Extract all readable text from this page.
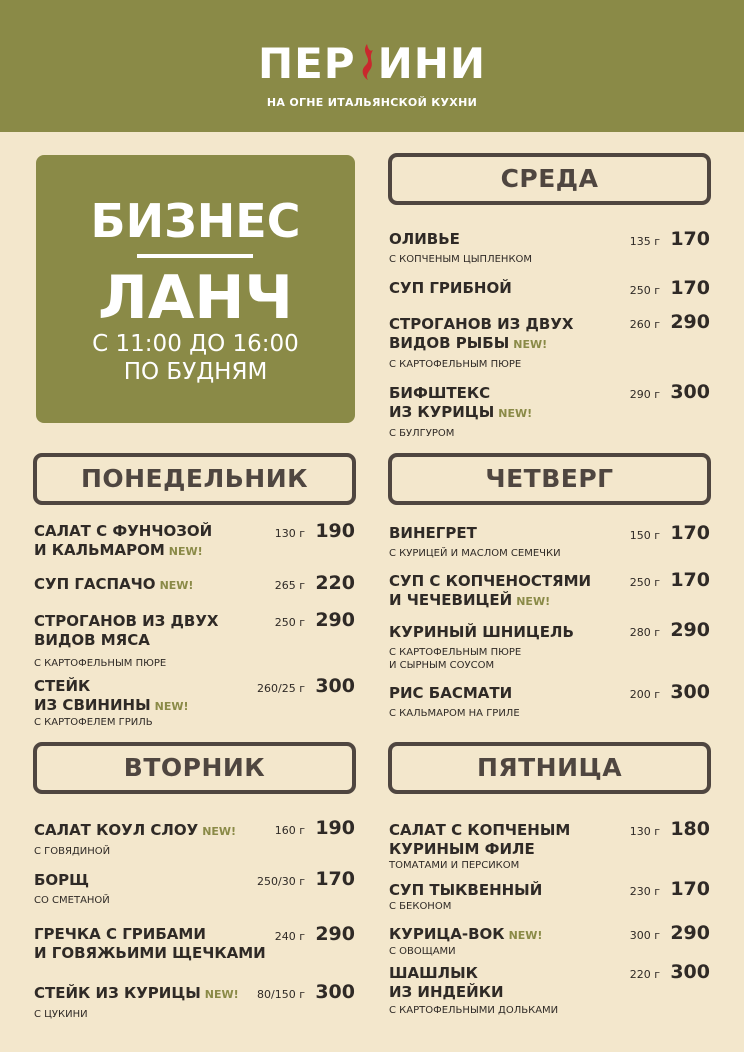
ПЕР ИНИ
НА ОГНЕ ИТАЛЬЯНСКОЙ КУХНИ
БИЗНЕС
ЛАНЧ
С 11:00 ДО 16:00
ПО БУДНЯМ
СРЕДА
ПОНЕДЕЛЬНИК	ЧЕТВЕРГ
ВТОРНИК	ПЯТНИЦА
ОЛИВЬЕ
С КОПЧЕНЫМ ЦЫПЛЕНКОМ
135 г 170
СУП ГРИБНОЙ	250 г 170
СТРОГАНОВ ИЗ ДВУХ
ВИДОВ РЫБЫ NEW!
С КАРТОФЕЛЬНЫМ ПЮРЕ
260 г 290
БИФШТЕКС
ИЗ КУРИЦЫ NEW!
С БУЛГУРОМ
290 г 300
САЛАТ С ФУНЧОЗОЙ
И КАЛЬМАРОМ NEW!
130 г 190
СУП ГАСПАЧО NEW!	265 г 220
СТРОГАНОВ ИЗ ДВУХ
ВИДОВ МЯСА
С КАРТОФЕЛЬНЫМ ПЮРЕ
250 г 290
СТЕЙК
ИЗ СВИНИНЫ NEW!
С КАРТОФЕЛЕМ ГРИЛЬ
260/25 г 300
ВИНЕГРЕТ
С КУРИЦЕЙ И МАСЛОМ СЕМЕЧКИ
150 г 170
СУП С КОПЧЕНОСТЯМИ
И ЧЕЧЕВИЦЕЙ NEW!
250 г 170
КУРИНЫЙ ШНИЦЕЛЬ
С КАРТОФЕЛЬНЫМ ПЮРЕ
И СЫРНЫМ СОУСОМ
280 г 290
РИС БАСМАТИ
С КАЛЬМАРОМ НА ГРИЛЕ
200 г 300
САЛАТ КОУЛ СЛОУ NEW!
С ГОВЯДИНОЙ
160 г 190
БОРЩ
СО СМЕТАНОЙ
250/30 г 170
ГРЕЧКА С ГРИБАМИ
И ГОВЯЖЬИМИ ЩЕЧКАМИ
240 г 290
СТЕЙК ИЗ КУРИЦЫ NEW!
С ЦУКИНИ
80/150 г 300
САЛАТ С КОПЧЕНЫМ
КУРИНЫМ ФИЛЕ
ТОМАТАМИ И ПЕРСИКОМ
130 г 180
СУП ТЫКВЕННЫЙ
С БЕКОНОМ
230 г 170
КУРИЦА-ВОК NEW!
С ОВОЩАМИ
300 г 290
ШАШЛЫК
ИЗ ИНДЕЙКИ
С КАРТОФЕЛЬНЫМИ ДОЛЬКАМИ
220 г 300
